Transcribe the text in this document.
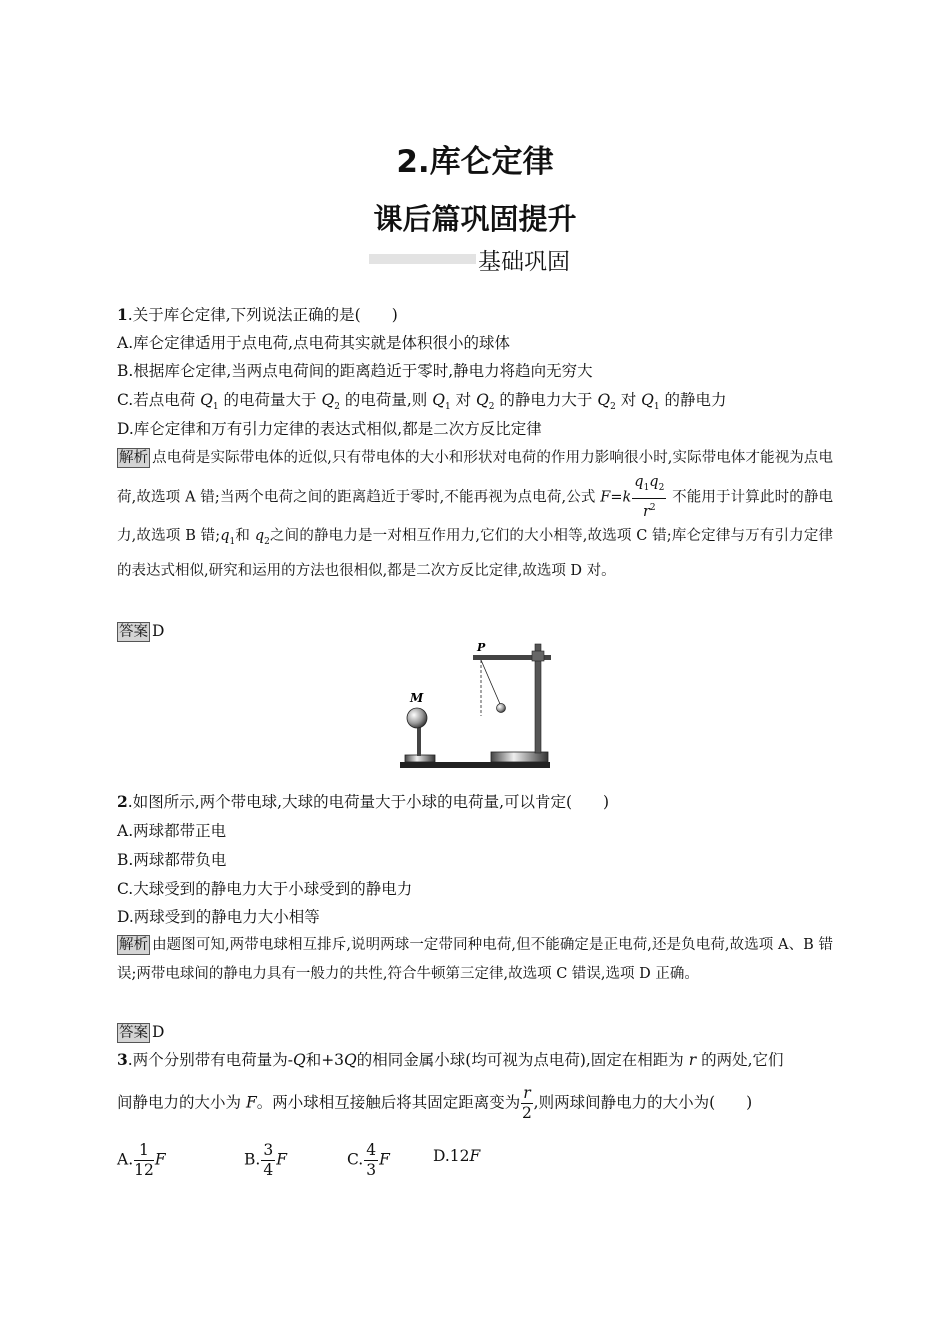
2.库仑定律
课后篇巩固提升
基础巩固
1.关于库仑定律,下列说法正确的是(　　)
A.库仑定律适用于点电荷,点电荷其实就是体积很小的球体
B.根据库仑定律,当两点电荷间的距离趋近于零时,静电力将趋向无穷大
C.若点电荷 $Q_1$ 的电荷量大于 $Q_2$ 的电荷量,则 $Q_1$ 对 $Q_2$ 的静电力大于 $Q_2$ 对 $Q_1$ 的静电力
D.库仑定律和万有引力定律的表达式相似,都是二次方反比定律
解析 点电荷是实际带电体的近似,只有带电体的大小和形状对电荷的作用力影响很小时,实际带电体才能视为点电荷,故选项 A 错;当两个电荷之间的距离趋近于零时,不能再视为点电荷,公式 $F=k \frac{q_1q_2}{r^2}$ 不能用于计算此时的静电力,故选项 B 错$;q_1$和 $q_2$之间的静电力是一对相互作用力,它们的大小相等,故选项 C 错;库仑定律与万有引力定律的表达式相似,研究和运用的方法也很相似,都是二次方反比定律,故选项 D 对。
答案 D
M
P
2.如图所示,两个带电球,大球的电荷量大于小球的电荷量,可以肯定(　　)
A.两球都带正电
B.两球都带负电
C.大球受到的静电力大于小球受到的静电力
D.两球受到的静电力大小相等
解析 由题图可知,两带电球相互排斥,说明两球一定带同种电荷,但不能确定是正电荷,还是负电荷,故选项 A、B 错误;两带电球间的静电力具有一般力的共性,符合牛顿第三定律,故选项 C 错误,选项 D 正确。
答案 D
3.两个分别带有电荷量为-Q和+3Q的相同金属小球(均可视为点电荷),固定在相距为 r 的两处,它们
间静电力的大小为 F。两小球相互接触后将其固定距离变为 $\frac{r}{2}$ ,则两球间静电力的大小为(　　)
A. $\frac{1}{12}$ F	B. $\frac{3}{4}$ F	C. $\frac{4}{3}$ F	D.12F
